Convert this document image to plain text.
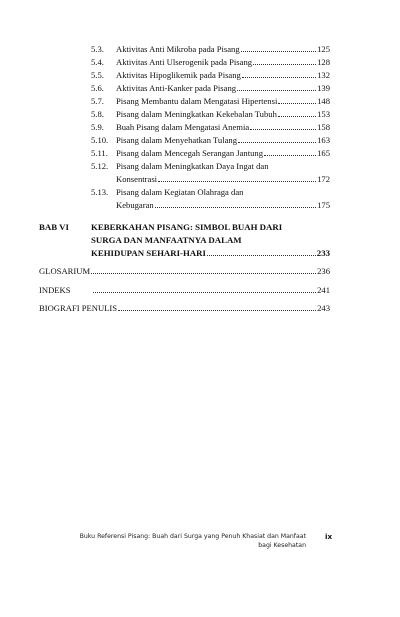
5.3.	Aktivitas Anti Mikroba pada Pisang	125
5.4.	Aktivitas Anti Ulserogenik pada Pisang	128
5.5.	Aktivitas Hipoglikemik pada Pisang	132
5.6.	Aktivitas Anti-Kanker pada Pisang	139
5.7.	Pisang Membantu dalam Mengatasi Hipertensi	148
5.8.	Pisang dalam Meningkatkan Kekebalan Tubuh	153
5.9.	Buah Pisang dalam Mengatasi Anemia	158
5.10. Pisang dalam Menyehatkan Tulang	163
5.11. Pisang dalam Mencegah Serangan Jantung	165
5.12. Pisang dalam Meningkatkan Daya Ingat dan
Konsentrasi	172
5.13. Pisang dalam Kegiatan Olahraga dan
Kebugaran	175
BAB VI	KEBERKAHAN PISANG: SIMBOL BUAH DARI
SURGA DAN MANFAATNYA DALAM
KEHIDUPAN SEHARI-HARI	233
GLOSARIUM	236
INDEKS	241
BIOGRAFI PENULIS	243
Buku Referensi Pisang: Buah dari Surga yang Penuh Khasiat dan Manfaat
bagi Kesehatan
ix
